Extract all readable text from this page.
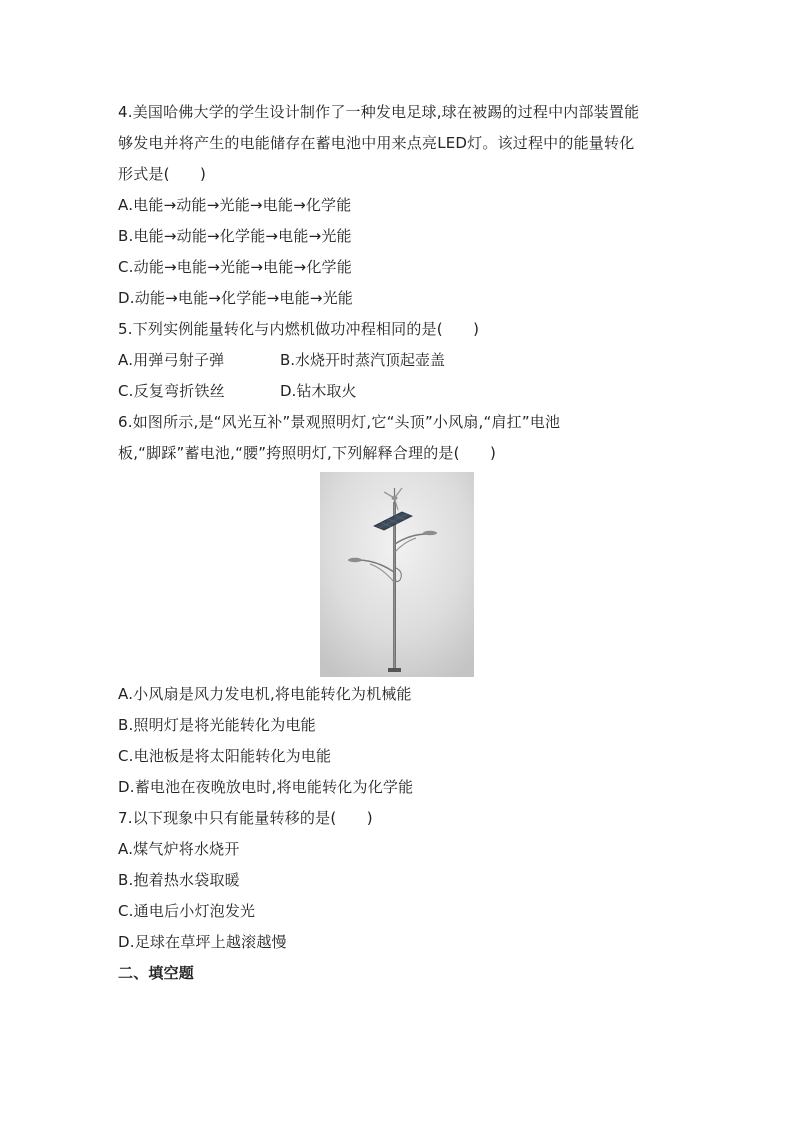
4.美国哈佛大学的学生设计制作了一种发电足球,球在被踢的过程中内部装置能
够发电并将产生的电能储存在蓄电池中用来点亮LED灯。该过程中的能量转化
形式是(　　)
A.电能→动能→光能→电能→化学能
B.电能→动能→化学能→电能→光能
C.动能→电能→光能→电能→化学能
D.动能→电能→化学能→电能→光能
5.下列实例能量转化与内燃机做功冲程相同的是(　　)
A.用弹弓射子弹	B.水烧开时蒸汽顶起壶盖
C.反复弯折铁丝	D.钻木取火
6.如图所示,是“风光互补”景观照明灯,它“头顶”小风扇,“肩扛”电池
板,“脚踩”蓄电池,“腰”挎照明灯,下列解释合理的是(　　)
A.小风扇是风力发电机,将电能转化为机械能
B.照明灯是将光能转化为电能
C.电池板是将太阳能转化为电能
D.蓄电池在夜晚放电时,将电能转化为化学能
7.以下现象中只有能量转移的是(　　)
A.煤气炉将水烧开
B.抱着热水袋取暖
C.通电后小灯泡发光
D.足球在草坪上越滚越慢
二、填空题
